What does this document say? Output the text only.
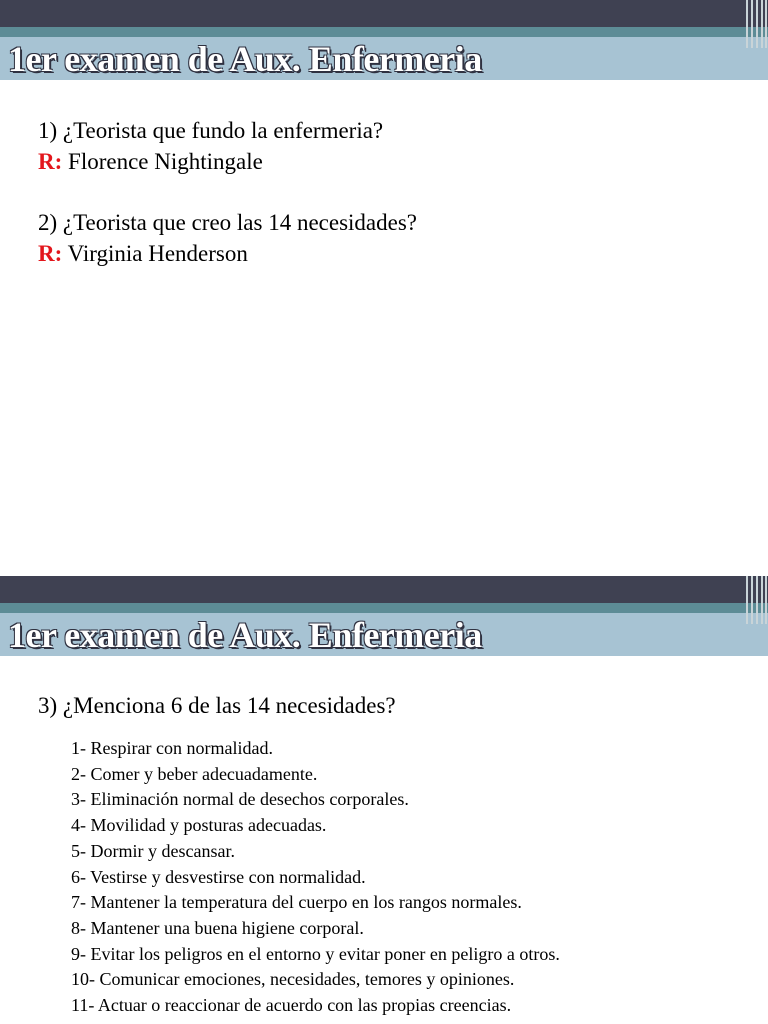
1er examen de Aux. Enfermeria
1) ¿Teorista que fundo la enfermeria?
R: Florence Nightingale
2) ¿Teorista que creo las 14 necesidades?
R: Virginia Henderson
1er examen de Aux. Enfermeria
3) ¿Menciona 6 de las 14 necesidades?
1- Respirar con normalidad.
2- Comer y beber adecuadamente.
3- Eliminación normal de desechos corporales.
4- Movilidad y posturas adecuadas.
5- Dormir y descansar.
6- Vestirse y desvestirse con normalidad.
7- Mantener la temperatura del cuerpo en los rangos normales.
8- Mantener una buena higiene corporal.
9- Evitar los peligros en el entorno y evitar poner en peligro a otros.
10- Comunicar emociones, necesidades, temores y opiniones.
11- Actuar o reaccionar de acuerdo con las propias creencias.
